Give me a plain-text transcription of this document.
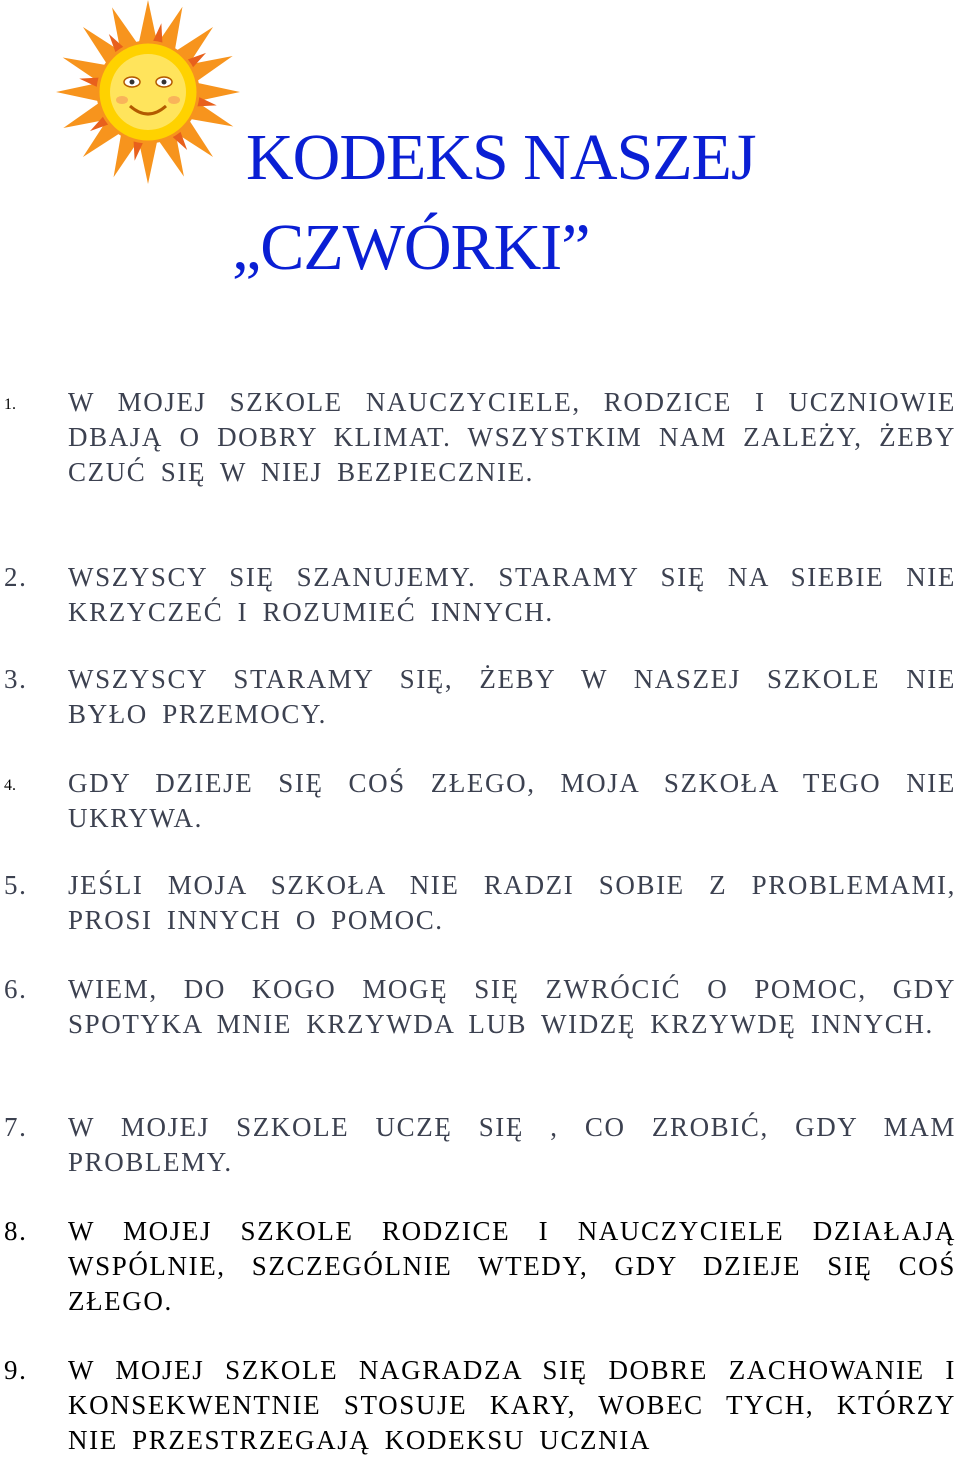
KODEKS NASZEJ
„CZWÓRKI”
1.	W MOJEJ SZKOLE NAUCZYCIELE, RODZICE I UCZNIOWIE DBAJĄ O DOBRY KLIMAT. WSZYSTKIM NAM ZALEŻY, ŻEBY CZUĆ SIĘ W NIEJ BEZPIECZNIE.
2.	WSZYSCY SIĘ SZANUJEMY. STARAMY SIĘ NA SIEBIE NIE KRZYCZEĆ I ROZUMIEĆ INNYCH.
3.	WSZYSCY STARAMY SIĘ, ŻEBY W NASZEJ SZKOLE NIE BYŁO PRZEMOCY.
4.	GDY DZIEJE SIĘ COŚ ZŁEGO, MOJA SZKOŁA TEGO NIE UKRYWA.
5.	JEŚLI MOJA SZKOŁA NIE RADZI SOBIE Z PROBLEMAMI, PROSI INNYCH O POMOC.
6.	WIEM, DO KOGO MOGĘ SIĘ ZWRÓCIĆ O POMOC, GDY SPOTYKA MNIE KRZYWDA LUB WIDZĘ KRZYWDĘ INNYCH.
7.	W MOJEJ SZKOLE UCZĘ SIĘ , CO ZROBIĆ, GDY MAM PROBLEMY.
8.	W MOJEJ SZKOLE RODZICE I NAUCZYCIELE DZIAŁAJĄ WSPÓLNIE, SZCZEGÓLNIE WTEDY, GDY DZIEJE SIĘ COŚ ZŁEGO.
9.	W MOJEJ SZKOLE NAGRADZA SIĘ DOBRE ZACHOWANIE I KONSEKWENTNIE STOSUJE KARY, WOBEC TYCH, KTÓRZY NIE PRZESTRZEGAJĄ KODEKSU UCZNIA
